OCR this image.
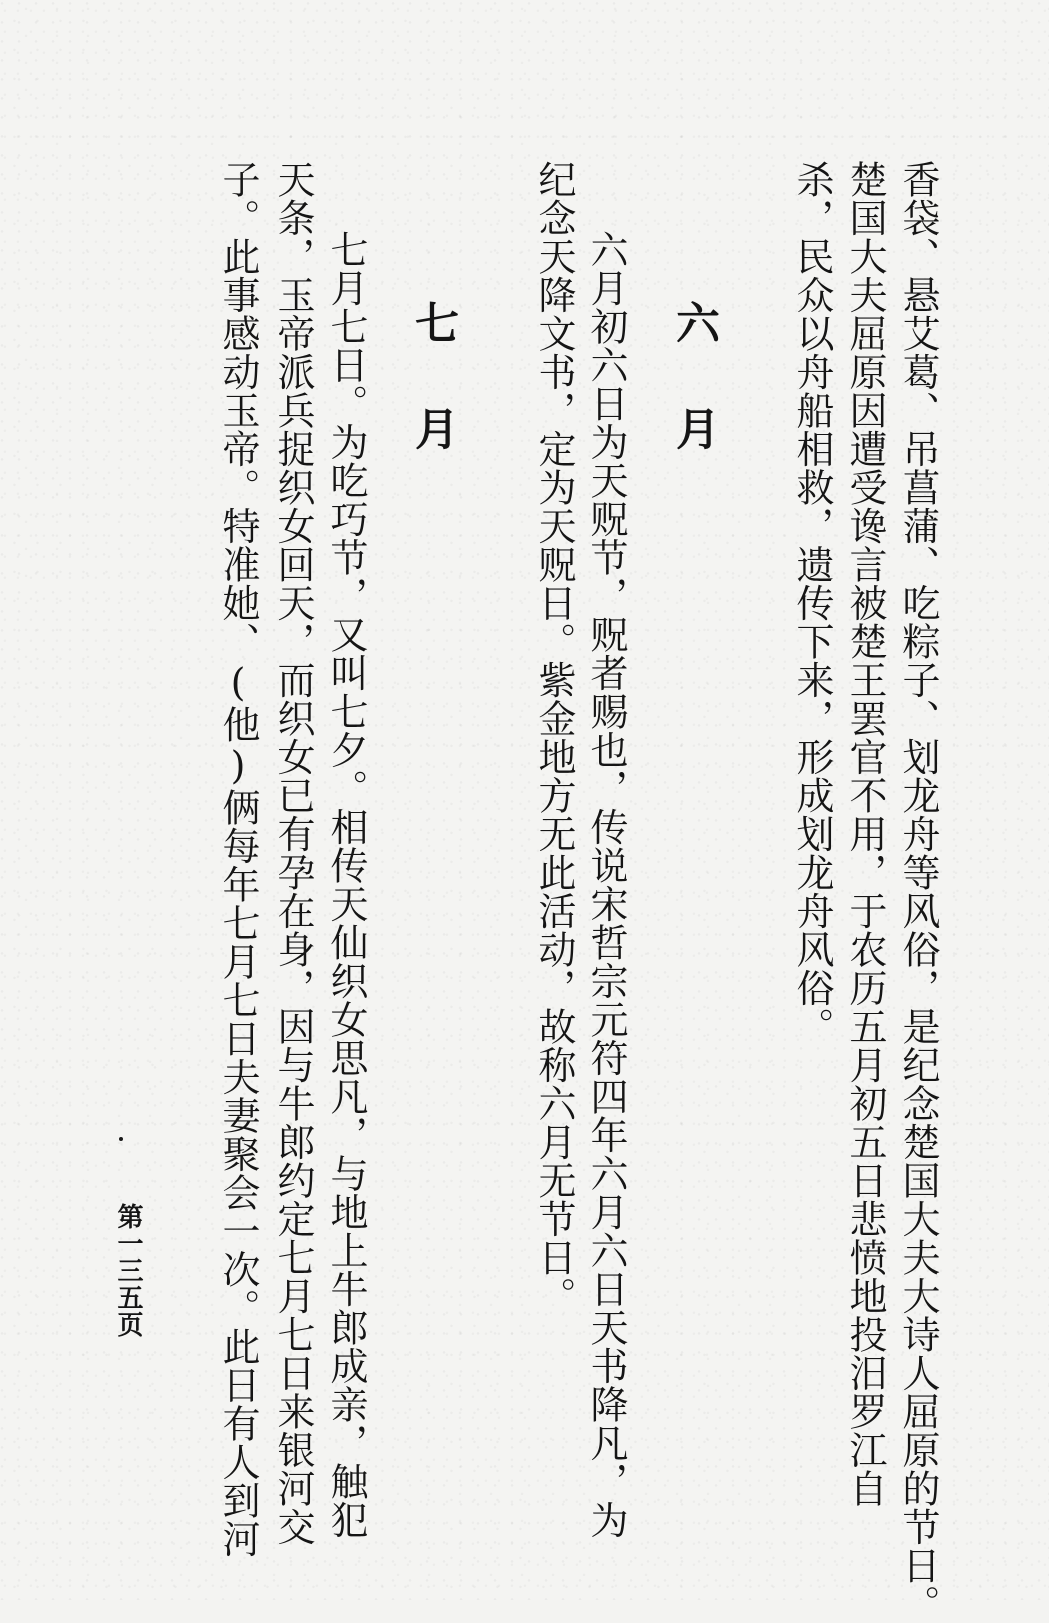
香袋、悬艾葛、吊菖蒲、吃粽子、划龙舟等风俗，是纪念楚国大夫大诗人屈原的节日。
楚国大夫屈原因遭受谗言被楚王罢官不用，于农历五月初五日悲愤地投汨罗江自
杀，民众以舟船相救，遗传下来，形成划龙舟风俗。
六月
六月初六日为天贶节，贶者赐也，传说宋哲宗元符四年六月六日天书降凡，为
纪念天降文书，定为天贶日。紫金地方无此活动，故称六月无节日。
七月
七月七日。为吃巧节，又叫七夕。相传天仙织女思凡，与地上牛郎成亲，触犯
天条，玉帝派兵捉织女回天，而织女已有孕在身，因与牛郎约定七月七日来银河交
子。此事感动玉帝。特准她、(他)俩每年七月七日夫妻聚会一次。此日有人到河
第一三五页
